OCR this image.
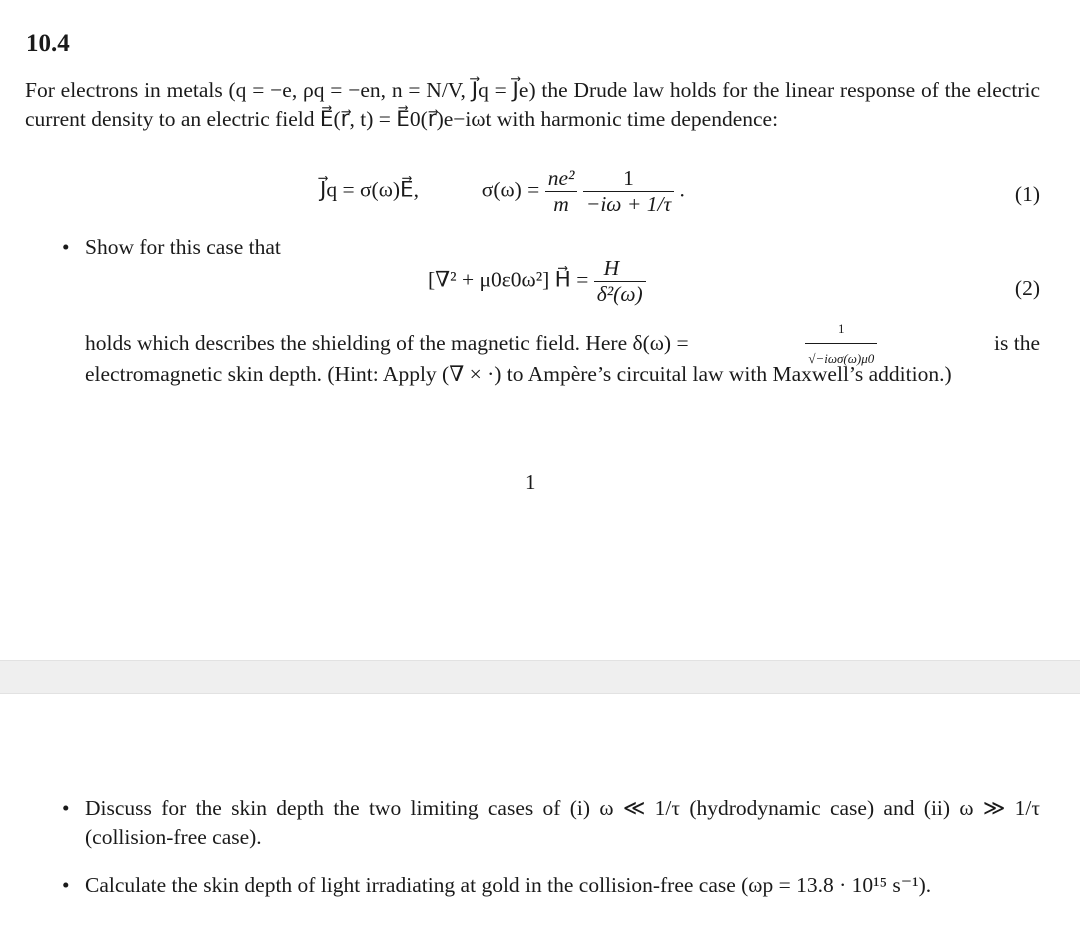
10.4
For electrons in metals (q = −e, ρq = −en, n = N/V, J⃗q = J⃗e) the Drude law holds for the linear response of the electric current density to an electric field E⃗(r⃗, t) = E⃗0(r⃗)e−iωt with harmonic time dependence:
J⃗q = σ(ω)E⃗,	$\sigma(\omega) = \frac{\text{ne²}}{m}$
$\frac{1}{-i\omega + 1/\tau}$ .	(1)
• Show for this case that
[∇² + μ0ε0ω²] H⃗ = $\frac{H⃗}{\text{δ²(ω)}}$	(2)
holds which describes the shielding of the magnetic field. Here δ(ω) =	$\frac{1}{\text{√−iωσ(ω)μ0}}$	is the
electromagnetic skin depth. (Hint: Apply (∇ × ·) to Ampère’s circuital law with Maxwell’s addition.)
1
• Discuss for the skin depth the two limiting cases of (i) ω ≪ 1/τ (hydrodynamic case) and (ii) ω ≫ 1/τ (collision-free case).
• Calculate the skin depth of light irradiating at gold in the collision-free case (ωp = 13.8 · 10¹⁵ s⁻¹).
